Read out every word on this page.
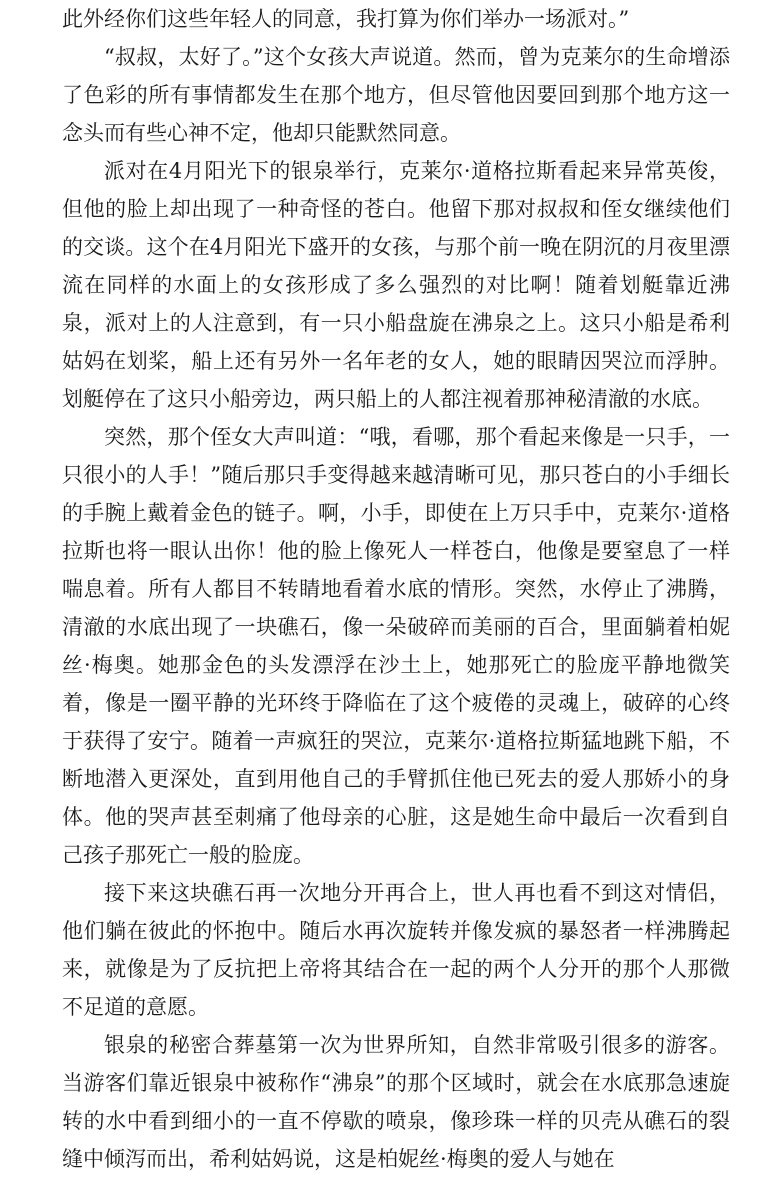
此外经你们这些年轻人的同意，我打算为你们举办一场派对。”

“叔叔，太好了。”这个女孩大声说道。然而，曾为克莱尔的生命增添了色彩的所有事情都发生在那个地方，但尽管他因要回到那个地方这一念头而有些心神不定，他却只能默然同意。

派对在4月阳光下的银泉举行，克莱尔·道格拉斯看起来异常英俊，但他的脸上却出现了一种奇怪的苍白。他留下那对叔叔和侄女继续他们的交谈。这个在4月阳光下盛开的女孩，与那个前一晚在阴沉的月夜里漂流在同样的水面上的女孩形成了多么强烈的对比啊！随着划艇靠近沸泉，派对上的人注意到，有一只小船盘旋在沸泉之上。这只小船是希利姑妈在划桨，船上还有另外一名年老的女人，她的眼睛因哭泣而浮肿。划艇停在了这只小船旁边，两只船上的人都注视着那神秘清澈的水底。

突然，那个侄女大声叫道：“哦，看哪，那个看起来像是一只手，一只很小的人手！”随后那只手变得越来越清晰可见，那只苍白的小手细长的手腕上戴着金色的链子。啊，小手，即使在上万只手中，克莱尔·道格拉斯也将一眼认出你！他的脸上像死人一样苍白，他像是要窒息了一样喘息着。所有人都目不转睛地看着水底的情形。突然，水停止了沸腾，清澈的水底出现了一块礁石，像一朵破碎而美丽的百合，里面躺着柏妮丝·梅奥。她那金色的头发漂浮在沙土上，她那死亡的脸庞平静地微笑着，像是一圈平静的光环终于降临在了这个疲倦的灵魂上，破碎的心终于获得了安宁。随着一声疯狂的哭泣，克莱尔·道格拉斯猛地跳下船，不断地潜入更深处，直到用他自己的手臂抓住他已死去的爱人那娇小的身体。他的哭声甚至刺痛了他母亲的心脏，这是她生命中最后一次看到自己孩子那死亡一般的脸庞。

接下来这块礁石再一次地分开再合上，世人再也看不到这对情侣，他们躺在彼此的怀抱中。随后水再次旋转并像发疯的暴怒者一样沸腾起来，就像是为了反抗把上帝将其结合在一起的两个人分开的那个人那微不足道的意愿。

银泉的秘密合葬墓第一次为世界所知，自然非常吸引很多的游客。当游客们靠近银泉中被称作“沸泉”的那个区域时，就会在水底那急速旋转的水中看到细小的一直不停歇的喷泉，像珍珠一样的贝壳从礁石的裂缝中倾泻而出，希利姑妈说，这是柏妮丝·梅奥的爱人与她在
